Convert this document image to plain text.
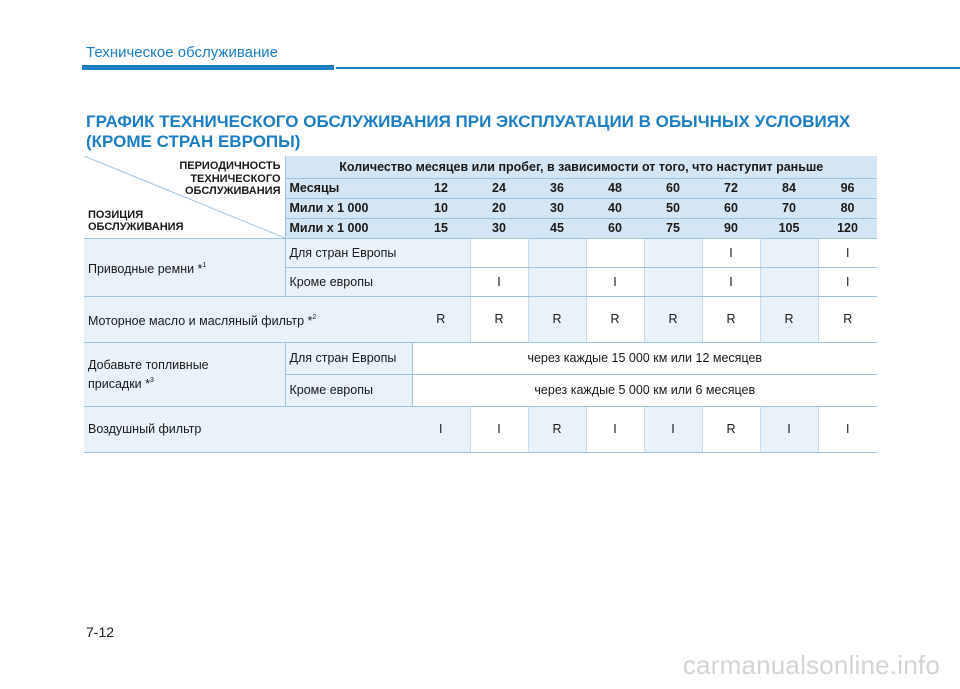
Техническое обслуживание
ГРАФИК ТЕХНИЧЕСКОГО ОБСЛУЖИВАНИЯ ПРИ ЭКСПЛУАТАЦИИ В ОБЫЧНЫХ УСЛОВИЯХ
(КРОМЕ СТРАН ЕВРОПЫ)
ПЕРИОДИЧНОСТЬ
ТЕХНИЧЕСКОГО
ОБСЛУЖИВАНИЯ
ПОЗИЦИЯ
ОБСЛУЖИВАНИЯ	Количество месяцев или пробег, в зависимости от того, что наступит раньше								
	Месяцы	12	24	36	48	60	72	84	96
	Мили x 1 000	10	20	30	40	50	60	70	80
	Мили x 1 000	15	30	45	60	75	90	105	120
Приводные ремни *$^1$	Для стран Европы						I		I
	Кроме европы		I		I		I		I
Моторное масло и масляный фильтр *$^2$		R	R	R	R	R	R	R	R

Добавьте топливные
присадки *$^3$	Для стран Европы	через каждые 15 000 км или 12 месяцев							
	Кроме европы	через каждые 5 000 км или 6 месяцев							
Воздушный фильтр		I	I	R	I	I	R	I	I
7-12
carmanualsonline.info
